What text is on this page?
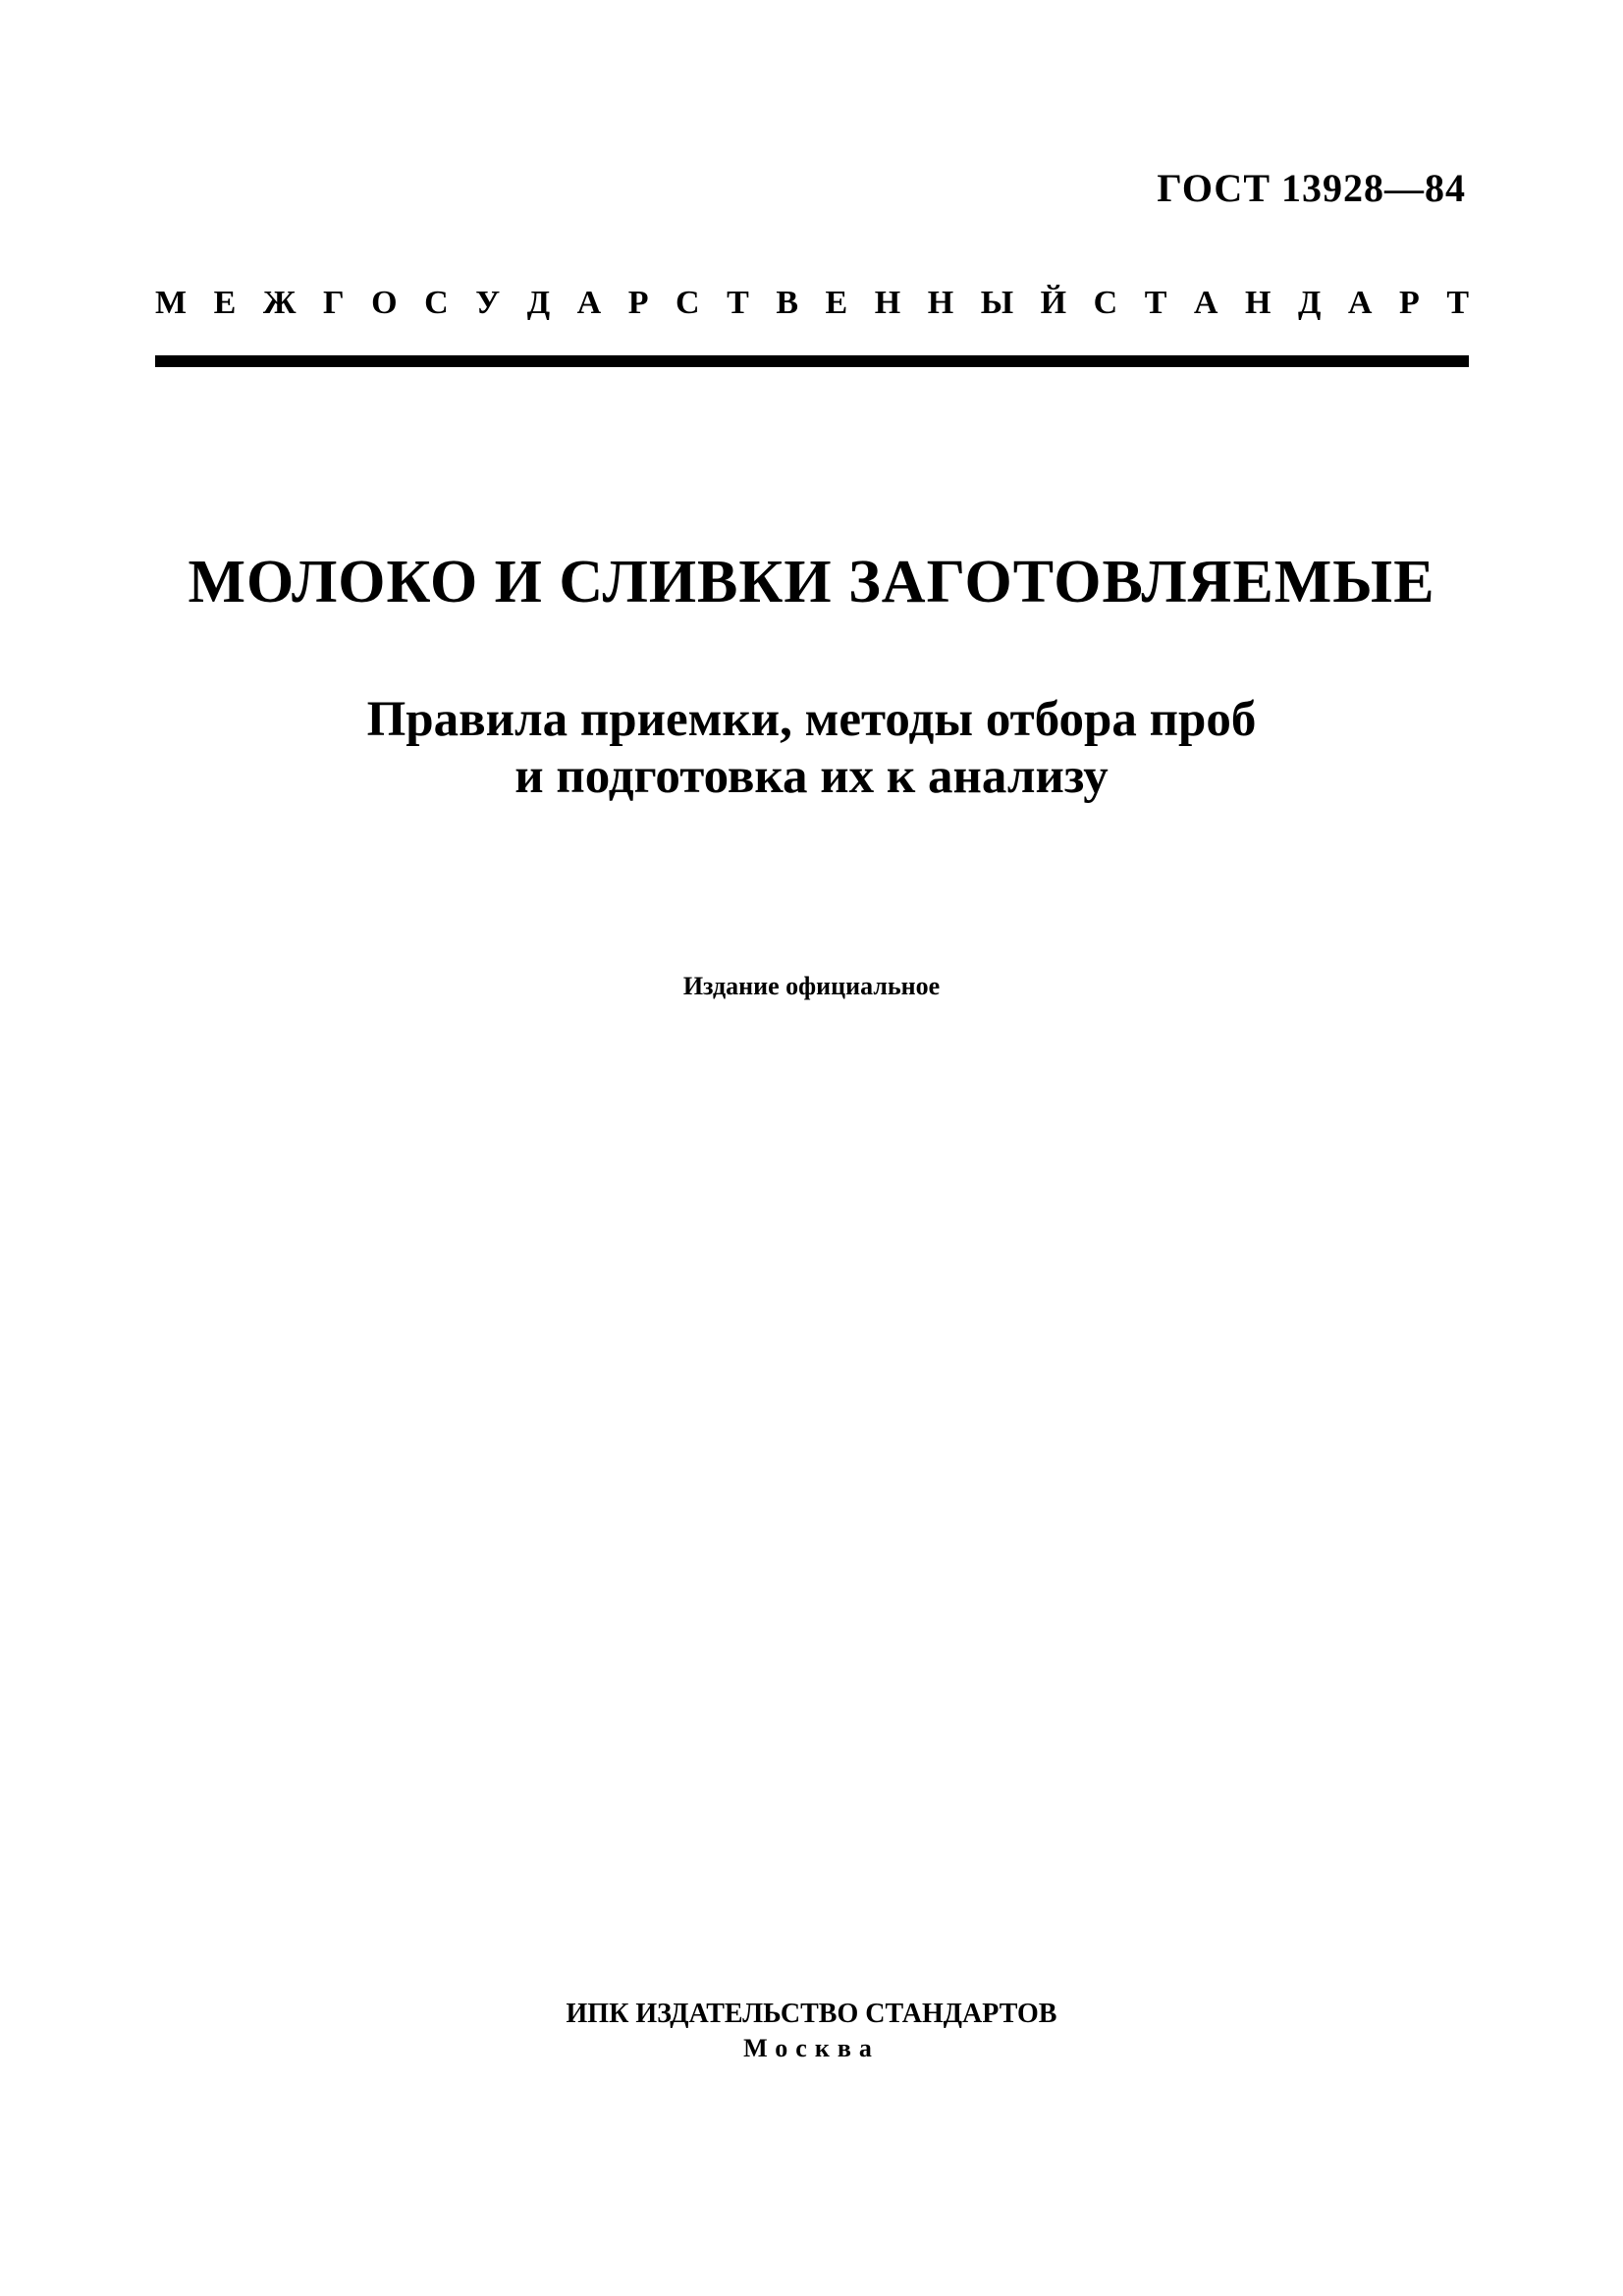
ГОСТ 13928—84
М Е Ж Г О С У Д А Р С Т В Е Н Н Ы Й С Т А Н Д А Р Т
МОЛОКО И СЛИВКИ ЗАГОТОВЛЯЕМЫЕ
Правила приемки, методы отбора проб
и подготовка их к анализу
Издание официальное
ИПК ИЗДАТЕЛЬСТВО СТАНДАРТОВ
Москва
